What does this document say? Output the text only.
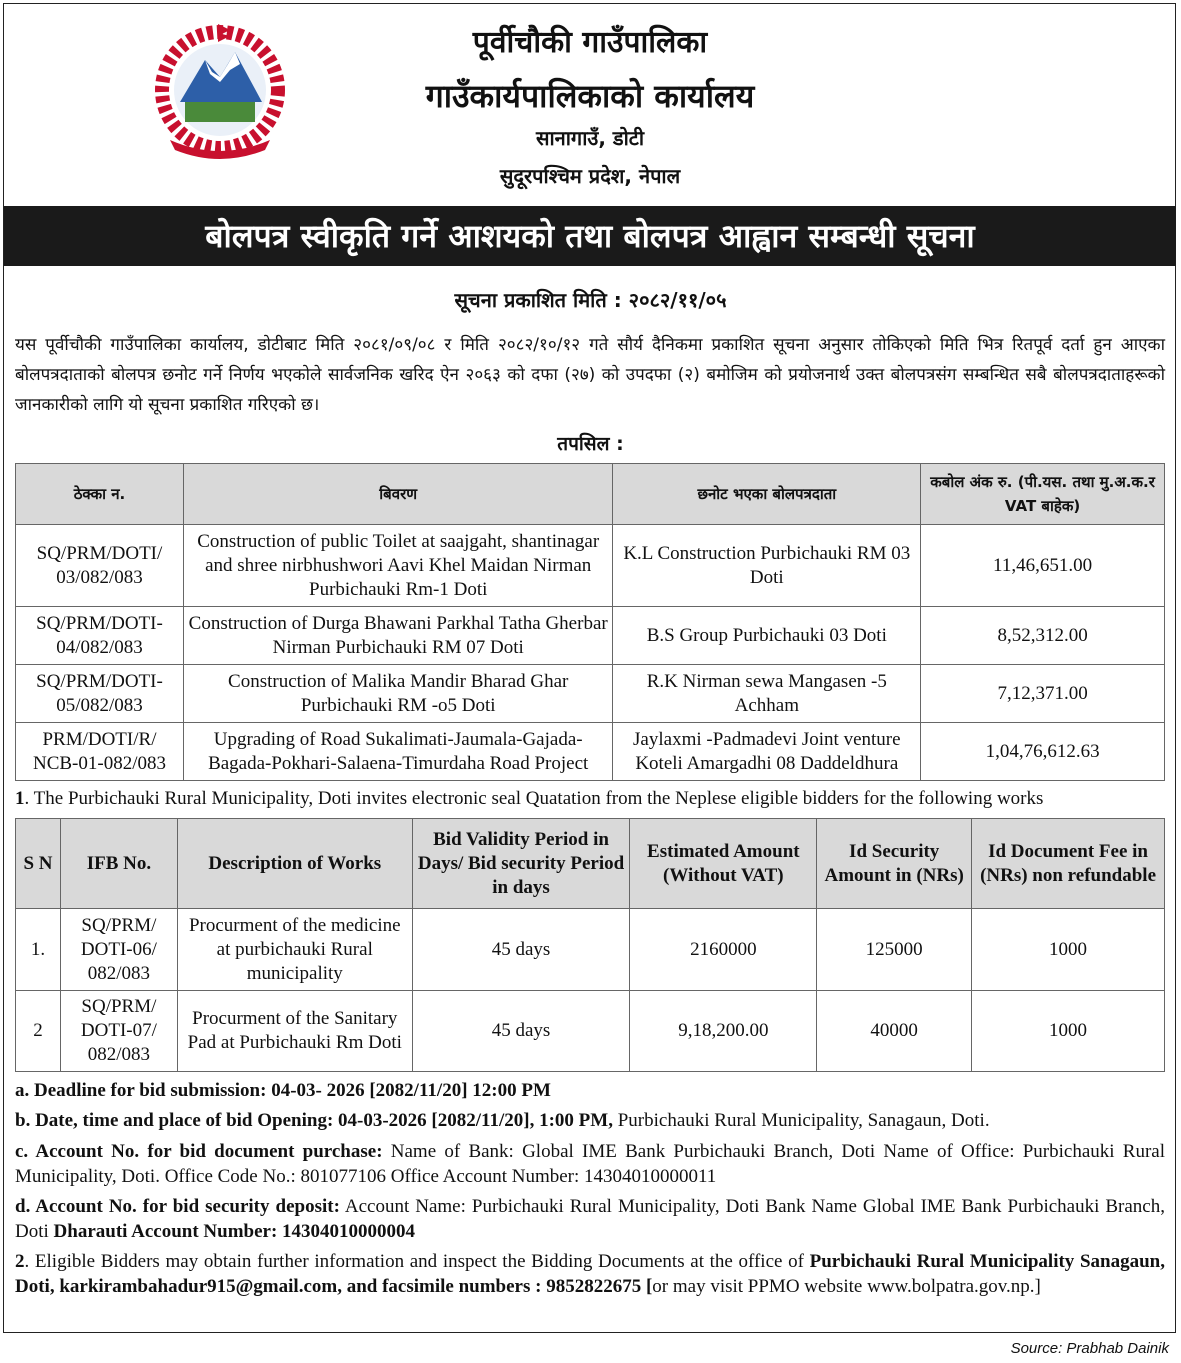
पूर्वीचौकी गाउँपालिका
गाउँकार्यपालिकाको कार्यालय
सानागाउँ, डोटी
सुदूरपश्चिम प्रदेश, नेपाल
बोलपत्र स्वीकृति गर्ने आशयको तथा बोलपत्र आह्वान सम्बन्धी सूचना
सूचना प्रकाशित मिति : २०८२/११/०५
यस पूर्वीचौकी गाउँपालिका कार्यालय, डोटीबाट मिति २०८१/०९/०८ र मिति २०८२/१०/१२ गते सौर्य दैनिकमा प्रकाशित सूचना अनुसार तोकिएको मिति भित्र रितपूर्व दर्ता हुन आएका बोलपत्रदाताको बोलपत्र छनोट गर्ने निर्णय भएकोले सार्वजनिक खरिद ऐन २०६३ को दफा (२७) को उपदफा (२) बमोजिम को प्रयोजनार्थ उक्त बोलपत्रसंग सम्बन्धित सबै बोलपत्रदाताहरूको जानकारीको लागि यो सूचना प्रकाशित गरिएको छ।
तपसिल :
ठेक्का न.	बिवरण	छनोट भएका बोलपत्रदाता	कबोल अंक रु. (पी.यस. तथा मु.अ.क.र VAT बाहेक)
SQ/PRM/DOTI/ 03/082/083	Construction of public Toilet at saajgaht, shantinagar and shree nirbhushwori Aavi Khel Maidan Nirman Purbichauki Rm-1 Doti	K.L Construction Purbichauki RM 03 Doti	11,46,651.00
SQ/PRM/DOTI- 04/082/083	Construction of Durga Bhawani Parkhal Tatha Gherbar Nirman Purbichauki RM 07 Doti	B.S Group Purbichauki 03 Doti	8,52,312.00
SQ/PRM/DOTI- 05/082/083	Construction of Malika Mandir Bharad Ghar Purbichauki RM -o5 Doti	R.K Nirman sewa Mangasen -5 Achham	7,12,371.00
PRM/DOTI/R/ NCB-01-082/083	Upgrading of Road Sukalimati-Jaumala-Gajada-Bagada-Pokhari-Salaena-Timurdaha Road Project	Jaylaxmi -Padmadevi Joint venture Koteli Amargadhi 08 Daddeldhura	1,04,76,612.63
1. The Purbichauki Rural Municipality, Doti invites electronic seal Quatation from the Neplese eligible bidders for the following works
S N	IFB No.	Description of Works	Bid Validity Period in Days/ Bid security Period in days	Estimated Amount (Without VAT)	Id Security Amount in (NRs)	Id Document Fee in (NRs) non refundable
1.	SQ/PRM/ DOTI-06/ 082/083	Procurment of the medicine at purbichauki Rural municipality	45 days	2160000	125000	1000
2	SQ/PRM/ DOTI-07/ 082/083	Procurment of the Sanitary Pad at Purbichauki Rm Doti	45 days	9,18,200.00	40000	1000
a. Deadline for bid submission: 04-03- 2026 [2082/11/20] 12:00 PM
b. Date, time and place of bid Opening: 04-03-2026 [2082/11/20], 1:00 PM, Purbichauki Rural Municipality, Sanagaun, Doti.
c. Account No. for bid document purchase: Name of Bank: Global IME Bank Purbichauki Branch, Doti Name of Office: Purbichauki Rural Municipality, Doti. Office Code No.: 801077106 Office Account Number: 14304010000011
d. Account No. for bid security deposit: Account Name: Purbichauki Rural Municipality, Doti Bank Name Global IME Bank Purbichauki Branch, Doti Dharauti Account Number: 14304010000004
2. Eligible Bidders may obtain further information and inspect the Bidding Documents at the office of Purbichauki Rural Municipality Sanagaun, Doti, karkirambahadur915@gmail.com, and facsimile numbers : 9852822675 [or may visit PPMO website www.bolpatra.gov.np.]
Source: Prabhab Dainik
